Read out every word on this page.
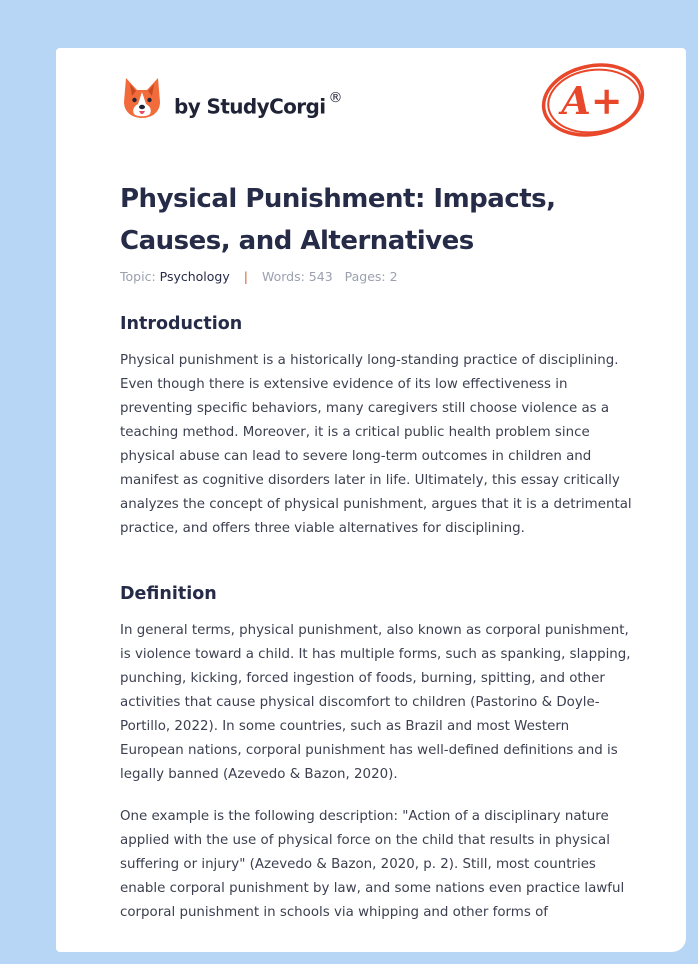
by StudyCorgi ®	A+
Physical Punishment: Impacts, Causes, and Alternatives
Topic: Psychology | Words: 543 Pages: 2
Introduction

Physical punishment is a historically long-standing practice of disciplining. Even though there is extensive evidence of its low effectiveness in preventing specific behaviors, many caregivers still choose violence as a teaching method. Moreover, it is a critical public health problem since physical abuse can lead to severe long-term outcomes in children and manifest as cognitive disorders later in life. Ultimately, this essay critically analyzes the concept of physical punishment, argues that it is a detrimental practice, and offers three viable alternatives for disciplining.

Definition

In general terms, physical punishment, also known as corporal punishment, is violence toward a child. It has multiple forms, such as spanking, slapping, punching, kicking, forced ingestion of foods, burning, spitting, and other activities that cause physical discomfort to children (Pastorino & Doyle-Portillo, 2022). In some countries, such as Brazil and most Western European nations, corporal punishment has well-defined definitions and is legally banned (Azevedo & Bazon, 2020).

One example is the following description: "Action of a disciplinary nature applied with the use of physical force on the child that results in physical suffering or injury" (Azevedo & Bazon, 2020, p. 2). Still, most countries enable corporal punishment by law, and some nations even practice lawful corporal punishment in schools via whipping and other forms of
